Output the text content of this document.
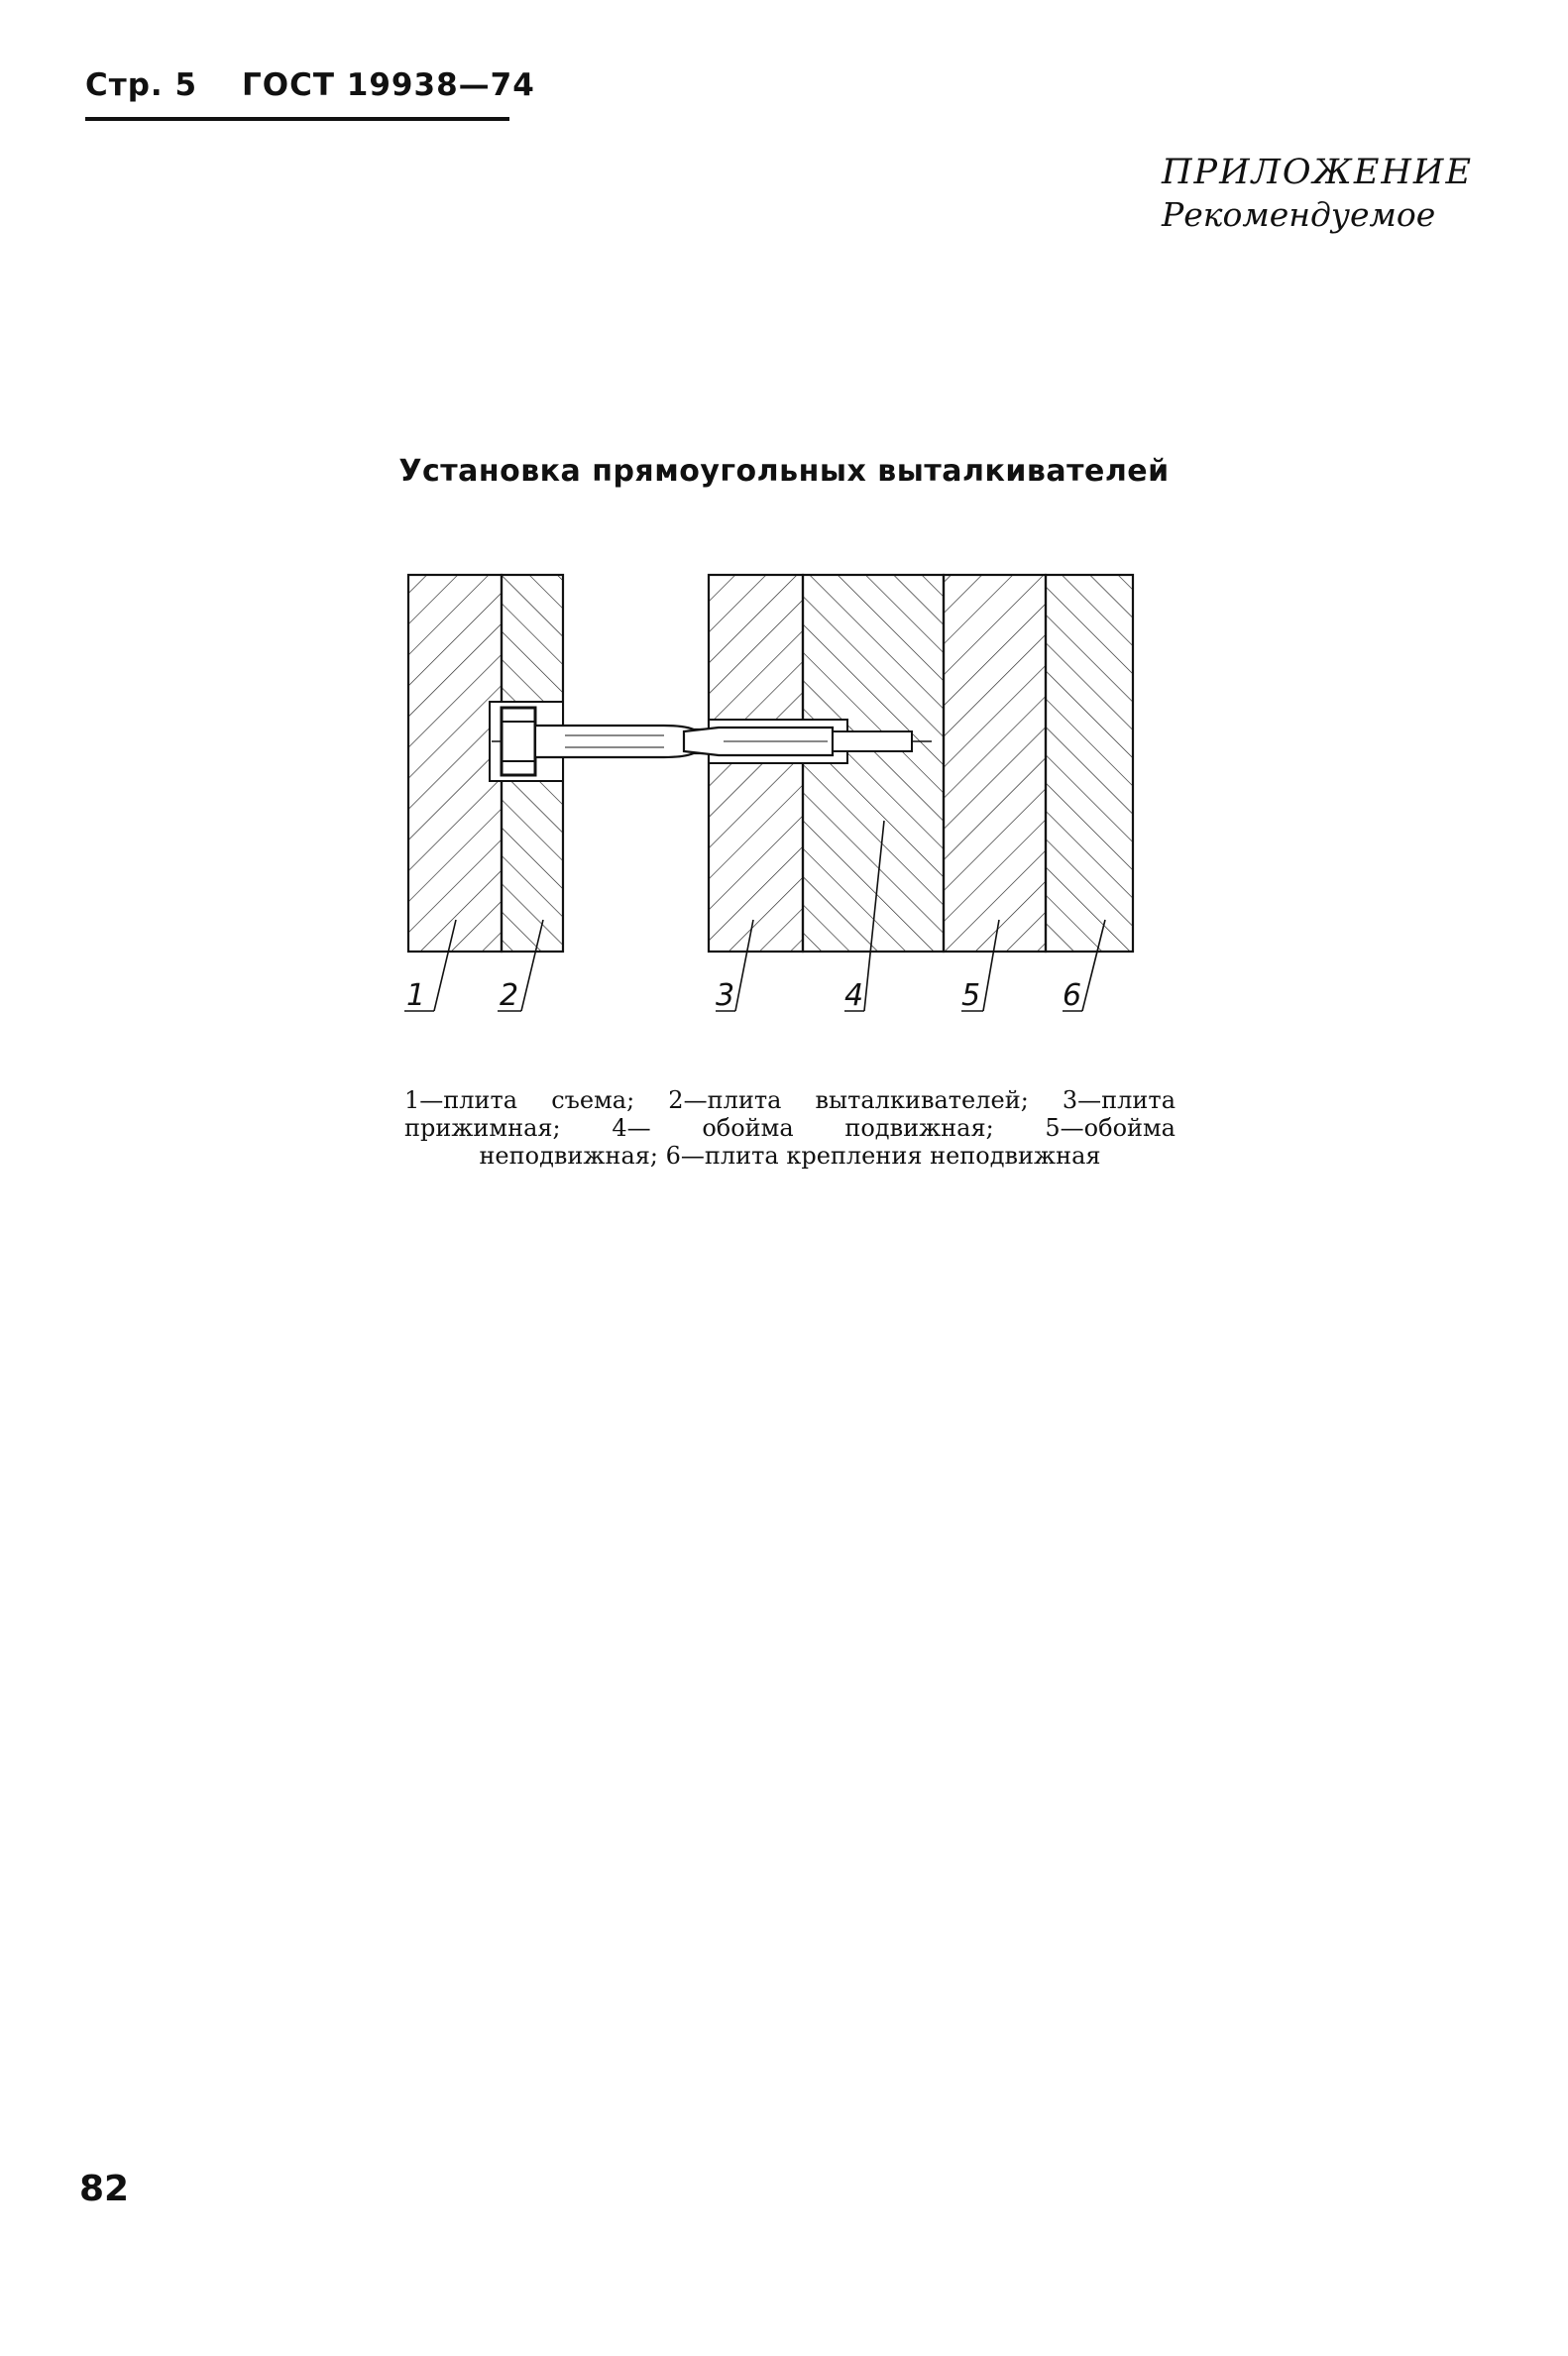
Стр. 5 ГОСТ 19938—74
ПРИЛОЖЕНИЕ
Рекомендуемое
Установка прямоугольных выталкивателей
1 2	3	4	5	6
1—плита съема; 2—плита выталкивателей; 3—плита прижимная; 4— обойма подвижная; 5—обойма неподвижная; 6—плита крепления неподвижная
82
